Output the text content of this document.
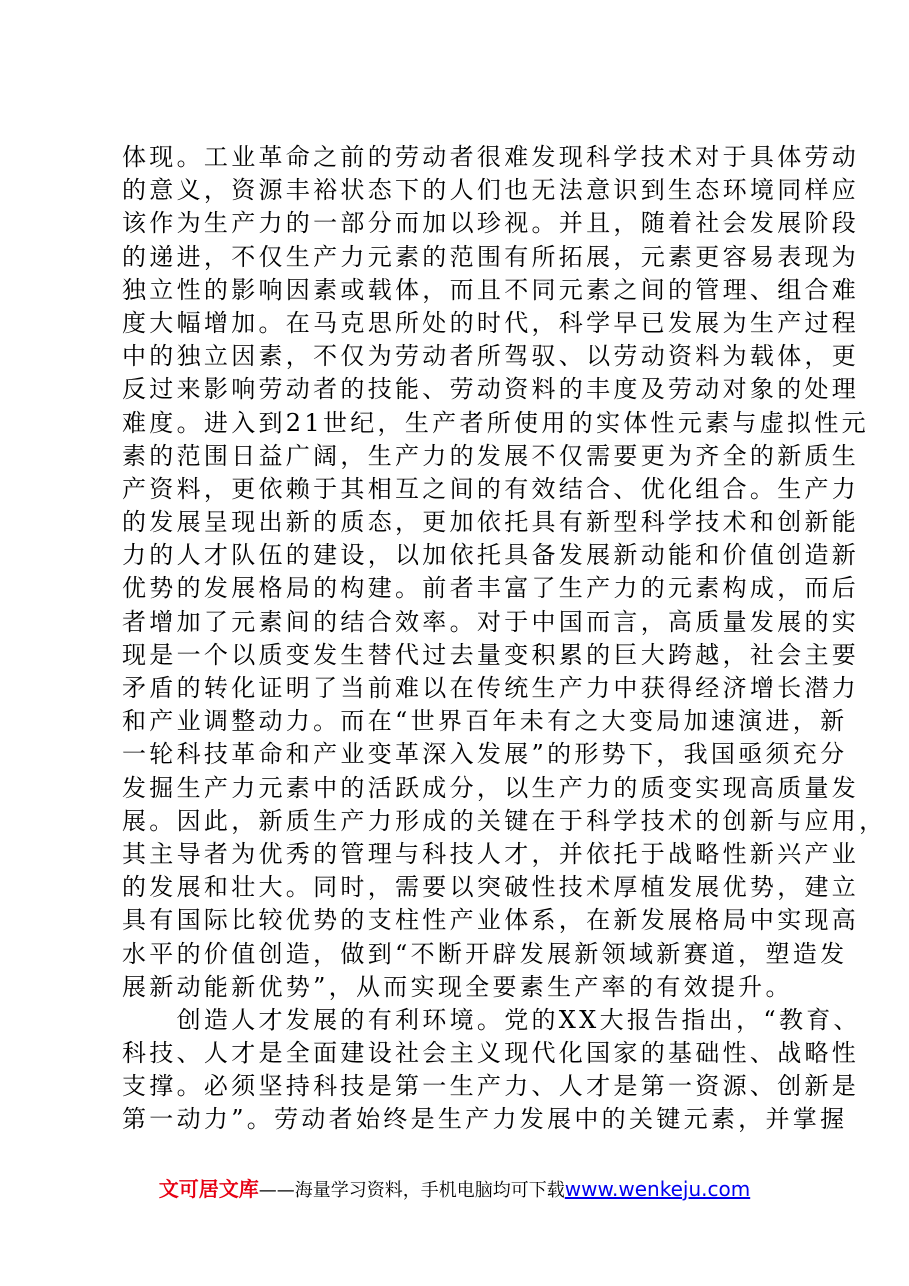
体现。工业革命之前的劳动者很难发现科学技术对于具体劳动
的意义，资源丰裕状态下的人们也无法意识到生态环境同样应
该作为生产力的一部分而加以珍视。并且，随着社会发展阶段
的递进，不仅生产力元素的范围有所拓展，元素更容易表现为
独立性的影响因素或载体，而且不同元素之间的管理、组合难
度大幅增加。在马克思所处的时代，科学早已发展为生产过程
中的独立因素，不仅为劳动者所驾驭、以劳动资料为载体，更
反过来影响劳动者的技能、劳动资料的丰度及劳动对象的处理
难度。进入到21世纪，生产者所使用的实体性元素与虚拟性元
素的范围日益广阔，生产力的发展不仅需要更为齐全的新质生
产资料，更依赖于其相互之间的有效结合、优化组合。生产力
的发展呈现出新的质态，更加依托具有新型科学技术和创新能
力的人才队伍的建设，以加依托具备发展新动能和价值创造新
优势的发展格局的构建。前者丰富了生产力的元素构成，而后
者增加了元素间的结合效率。对于中国而言，高质量发展的实
现是一个以质变发生替代过去量变积累的巨大跨越，社会主要
矛盾的转化证明了当前难以在传统生产力中获得经济增长潜力
和产业调整动力。而在“世界百年未有之大变局加速演进，新
一轮科技革命和产业变革深入发展”的形势下，我国亟须充分
发掘生产力元素中的活跃成分，以生产力的质变实现高质量发
展。因此，新质生产力形成的关键在于科学技术的创新与应用，
其主导者为优秀的管理与科技人才，并依托于战略性新兴产业
的发展和壮大。同时，需要以突破性技术厚植发展优势，建立
具有国际比较优势的支柱性产业体系，在新发展格局中实现高
水平的价值创造，做到“不断开辟发展新领域新赛道，塑造发
展新动能新优势”，从而实现全要素生产率的有效提升。
　　创造人才发展的有利环境。党的XX大报告指出，“教育、
科技、人才是全面建设社会主义现代化国家的基础性、战略性
支撑。必须坚持科技是第一生产力、人才是第一资源、创新是
第一动力”。劳动者始终是生产力发展中的关键元素，并掌握
文可居文库——海量学习资料，手机电脑均可下载www.wenkeju.com
